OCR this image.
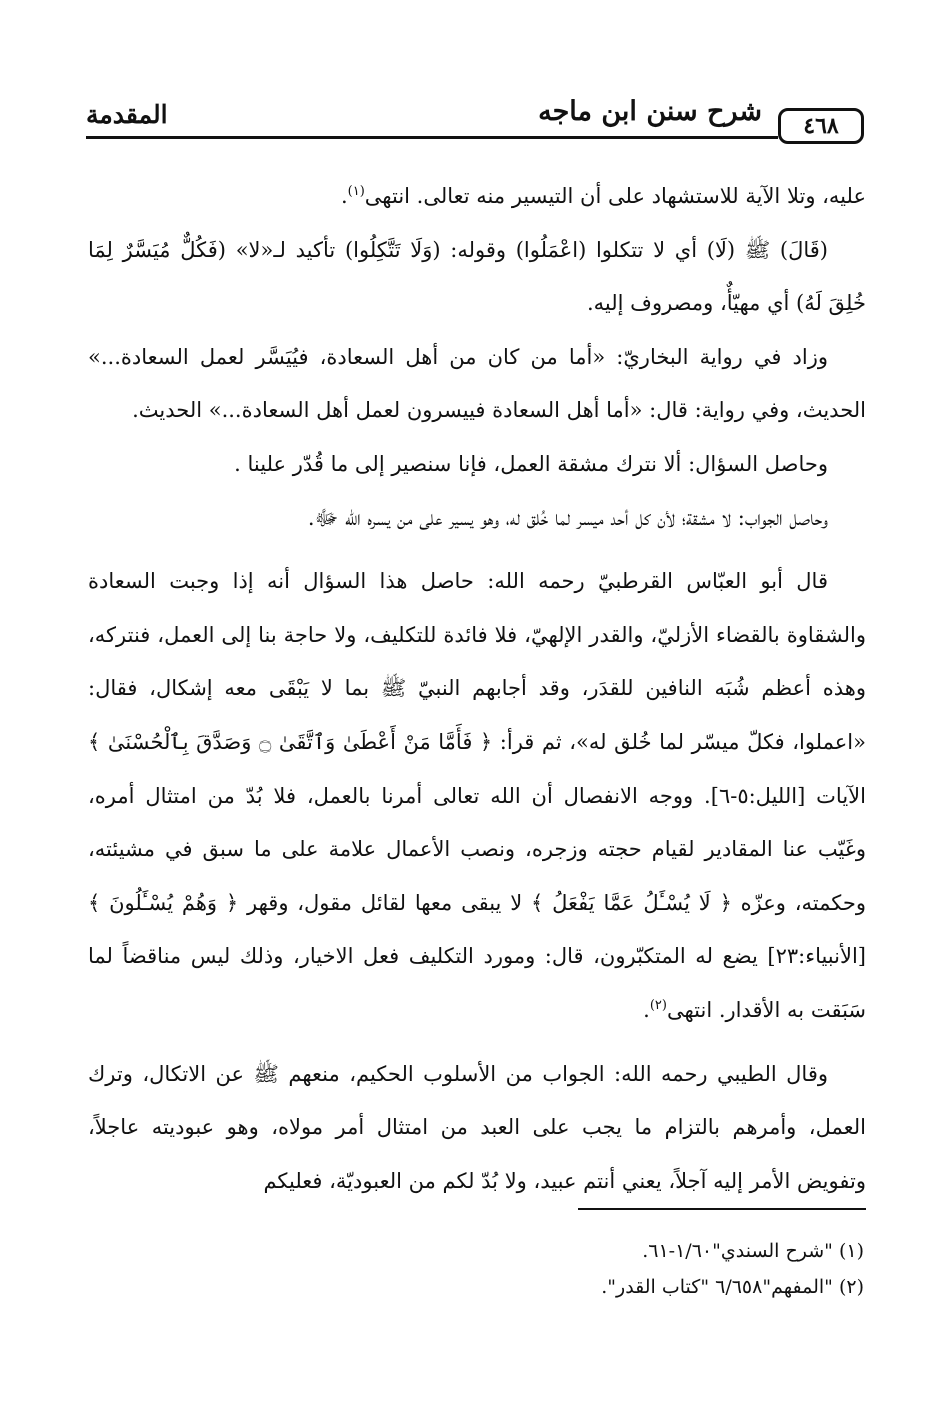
المقدمة	شرح سنن ابن ماجه	٤٦٨

عليه، وتلا الآية للاستشهاد على أن التيسير منه تعالى. انتهى$^{(١)}$.

(قَالَ) ﷺ (لَا) أي لا تتكلوا (اعْمَلُوا) وقوله: (وَلَا تَتَّكِلُوا) تأكيد لـ«لا» (فَكُلٌّ مُيَسَّرٌ لِمَا خُلِقَ لَهُ) أي مهيّأٌ، ومصروف إليه.

وزاد في رواية البخاريّ: «أما من كان من أهل السعادة، فيُيَسَّر لعمل السعادة...» الحديث، وفي رواية: قال: «أما أهل السعادة فييسرون لعمل أهل السعادة...» الحديث.

وحاصل السؤال: ألا نترك مشقة العمل، فإنا سنصير إلى ما قُدّر علينا .

وحاصل الجواب: لا مشقة؛ لأن كل أحد ميسر لما خُلق له، وهو يسير على من يسره الله ﷻ.

قال أبو العبّاس القرطبيّ رحمه الله: حاصل هذا السؤال أنه إذا وجبت السعادة والشقاوة بالقضاء الأزليّ، والقدر الإلهيّ، فلا فائدة للتكليف، ولا حاجة بنا إلى العمل، فنتركه، وهذه أعظم شُبَه النافين للقدَر، وقد أجابهم النبيّ ﷺ بما لا يَبْقَى معه إشكال، فقال: «اعملوا، فكلّ ميسّر لما خُلق له»، ثم قرأ: ﴿ فَأَمَّا مَنْ أَعْطَىٰ وَٱتَّقَىٰ ۝ وَصَدَّقَ بِٱلْحُسْنَىٰ ﴾ الآيات [الليل:٥-٦]. ووجه الانفصال أن الله تعالى أمرنا بالعمل، فلا بُدّ من امتثال أمره، وغَيّب عنا المقادير لقيام حجته وزجره، ونصب الأعمال علامة على ما سبق في مشيئته، وحكمته، وعزّه ﴿ لَا يُسْـَٔلُ عَمَّا يَفْعَلُ ﴾ لا يبقى معها لقائل مقول، وقهر ﴿ وَهُمْ يُسْـَٔلُونَ ﴾ [الأنبياء:٢٣] يضع له المتكبّرون، قال: ومورد التكليف فعل الاخيار، وذلك ليس مناقضاً لما سَبَقت به الأقدار. انتهى$^{(٢)}$.

وقال الطيبي رحمه الله: الجواب من الأسلوب الحكيم، منعهم ﷺ عن الاتكال، وترك العمل، وأمرهم بالتزام ما يجب على العبد من امتثال أمر مولاه، وهو عبوديته عاجلاً، وتفويض الأمر إليه آجلاً، يعني أنتم عبيد، ولا بُدّ لكم من العبوديّة، فعليكم

(١) "شرح السندي"١/٦٠-٦١.
(٢) "المفهم"٦/٦٥٨ "كتاب القدر".
